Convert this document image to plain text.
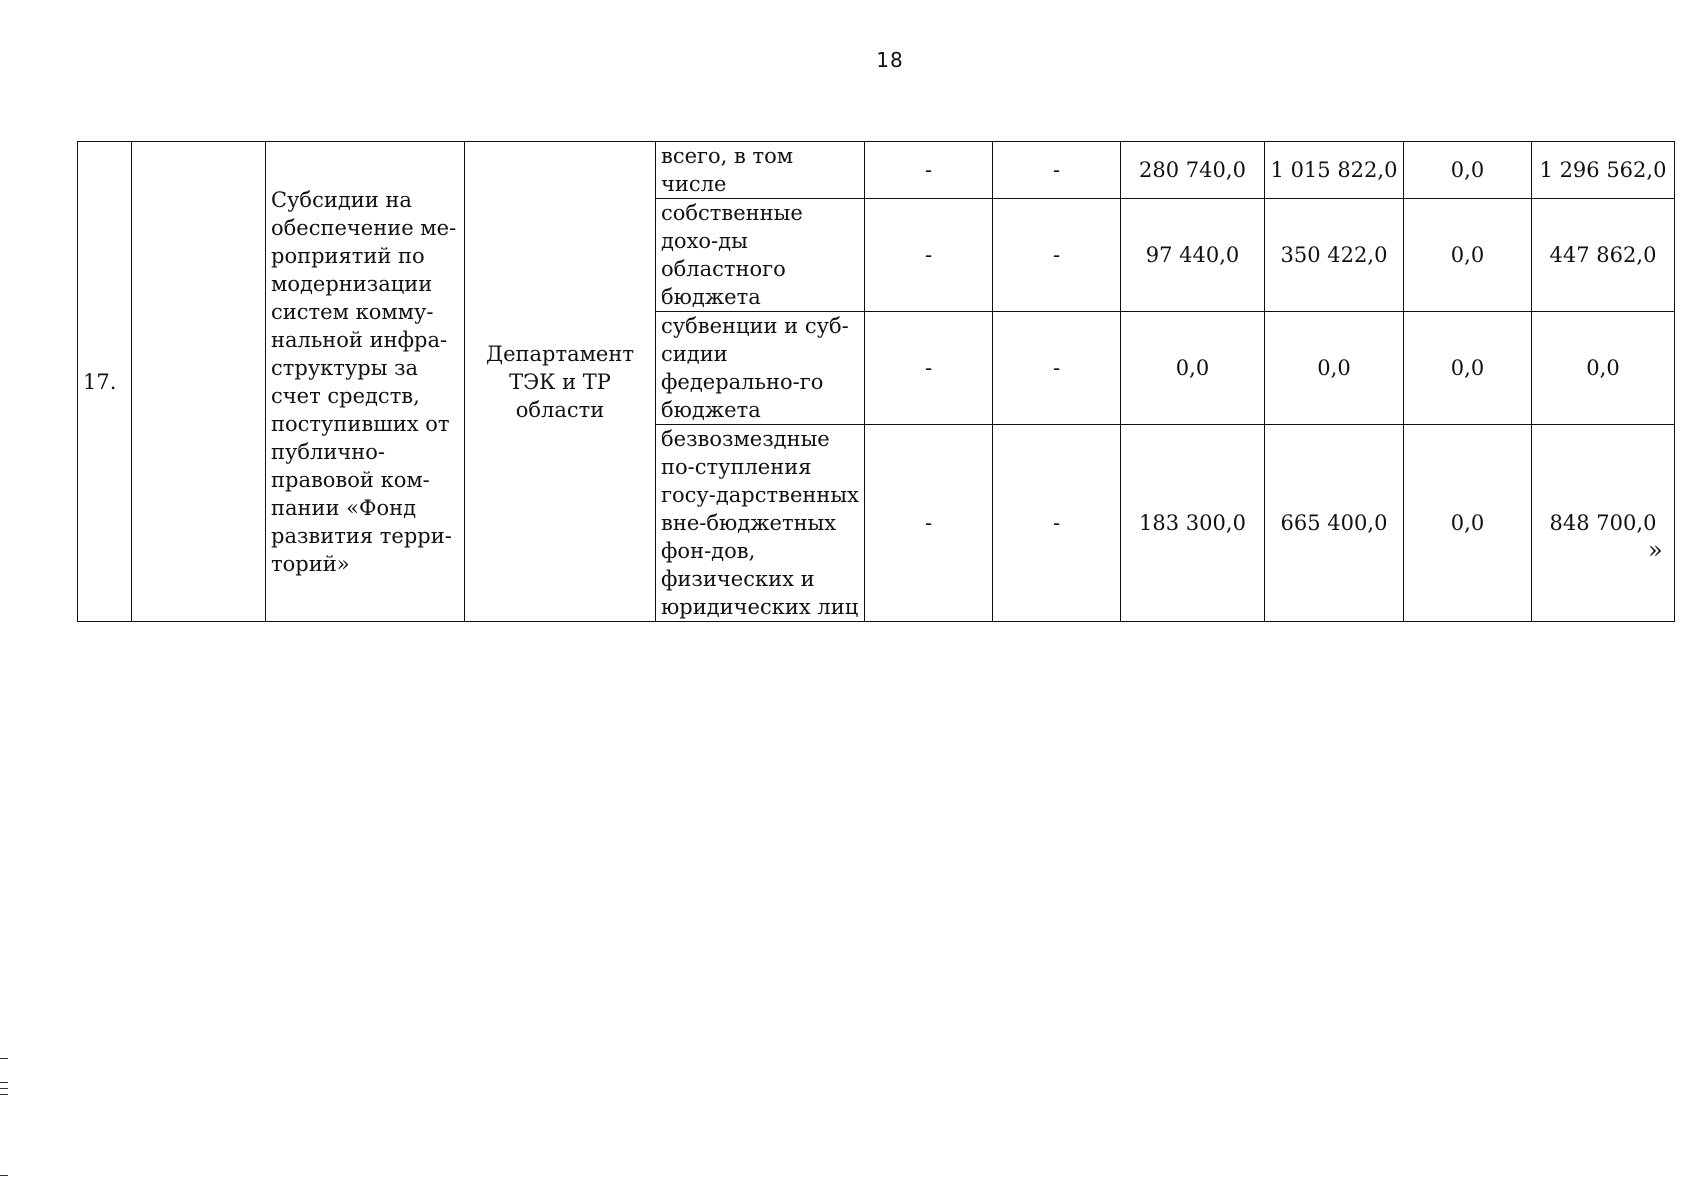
18
17.		Субсидии на обеспечение ме-роприятий по модернизации систем комму-нальной инфра-структуры за счет средств, поступивших от публично-правовой ком-пании «Фонд развития терри-торий»	Департамент ТЭК и ТР области	всего, в том числе	-	-	280 740,0	1 015 822,0	0,0	1 296 562,0
				собственные дохо-ды областного бюджета	-	-	97 440,0	350 422,0	0,0	447 862,0
				субвенции и суб-сидии федерально-го бюджета	-	-	0,0	0,0	0,0	0,0
				безвозмездные по-ступления госу-дарственных вне-бюджетных фон-дов, физических и юридических лиц	-	-	183 300,0	665 400,0	0,0	848 700,0
»
